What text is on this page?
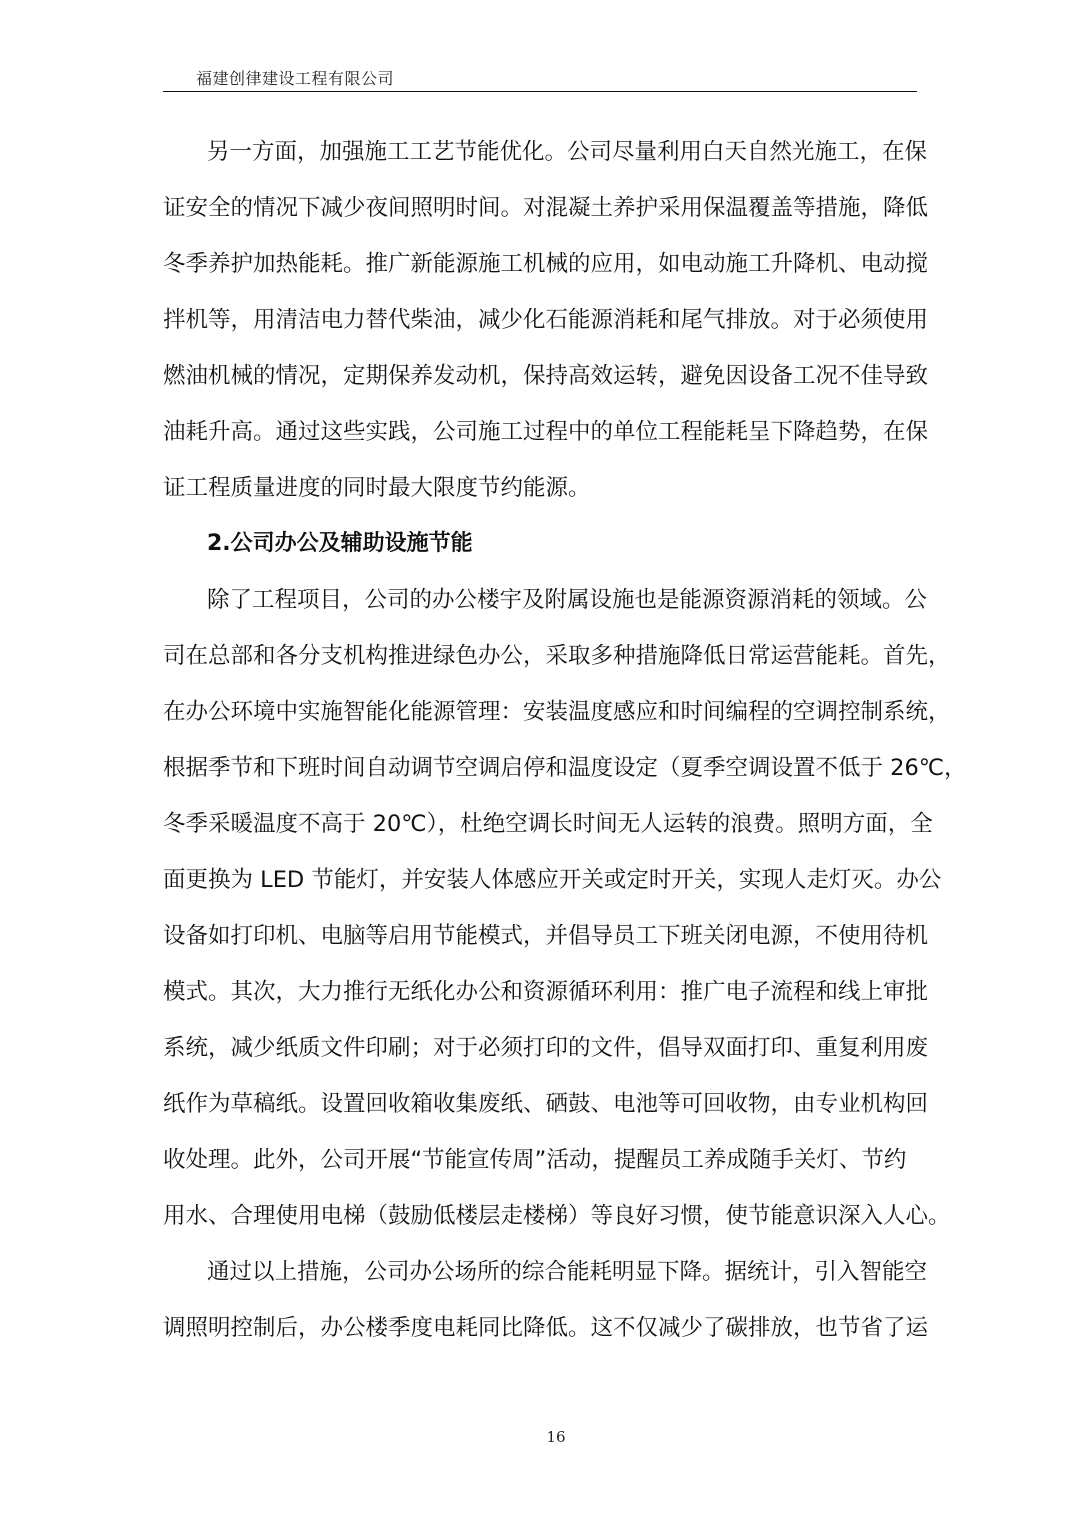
福建创律建设工程有限公司
另一方面，加强施工工艺节能优化。公司尽量利用白天自然光施工，在保
证安全的情况下减少夜间照明时间。对混凝土养护采用保温覆盖等措施，降低
冬季养护加热能耗。推广新能源施工机械的应用，如电动施工升降机、电动搅
拌机等，用清洁电力替代柴油，减少化石能源消耗和尾气排放。对于必须使用
燃油机械的情况，定期保养发动机，保持高效运转，避免因设备工况不佳导致
油耗升高。通过这些实践，公司施工过程中的单位工程能耗呈下降趋势，在保
证工程质量进度的同时最大限度节约能源。
2.公司办公及辅助设施节能
除了工程项目，公司的办公楼宇及附属设施也是能源资源消耗的领域。公
司在总部和各分支机构推进绿色办公，采取多种措施降低日常运营能耗。首先，
在办公环境中实施智能化能源管理：安装温度感应和时间编程的空调控制系统，
根据季节和下班时间自动调节空调启停和温度设定（夏季空调设置不低于 26℃，
冬季采暖温度不高于 20℃），杜绝空调长时间无人运转的浪费。照明方面，全
面更换为 LED 节能灯，并安装人体感应开关或定时开关，实现人走灯灭。办公
设备如打印机、电脑等启用节能模式，并倡导员工下班关闭电源，不使用待机
模式。其次，大力推行无纸化办公和资源循环利用：推广电子流程和线上审批
系统，减少纸质文件印刷；对于必须打印的文件，倡导双面打印、重复利用废
纸作为草稿纸。设置回收箱收集废纸、硒鼓、电池等可回收物，由专业机构回
收处理。此外，公司开展“节能宣传周”活动，提醒员工养成随手关灯、节约
用水、合理使用电梯（鼓励低楼层走楼梯）等良好习惯，使节能意识深入人心。
通过以上措施，公司办公场所的综合能耗明显下降。据统计，引入智能空
调照明控制后，办公楼季度电耗同比降低。这不仅减少了碳排放，也节省了运
16
